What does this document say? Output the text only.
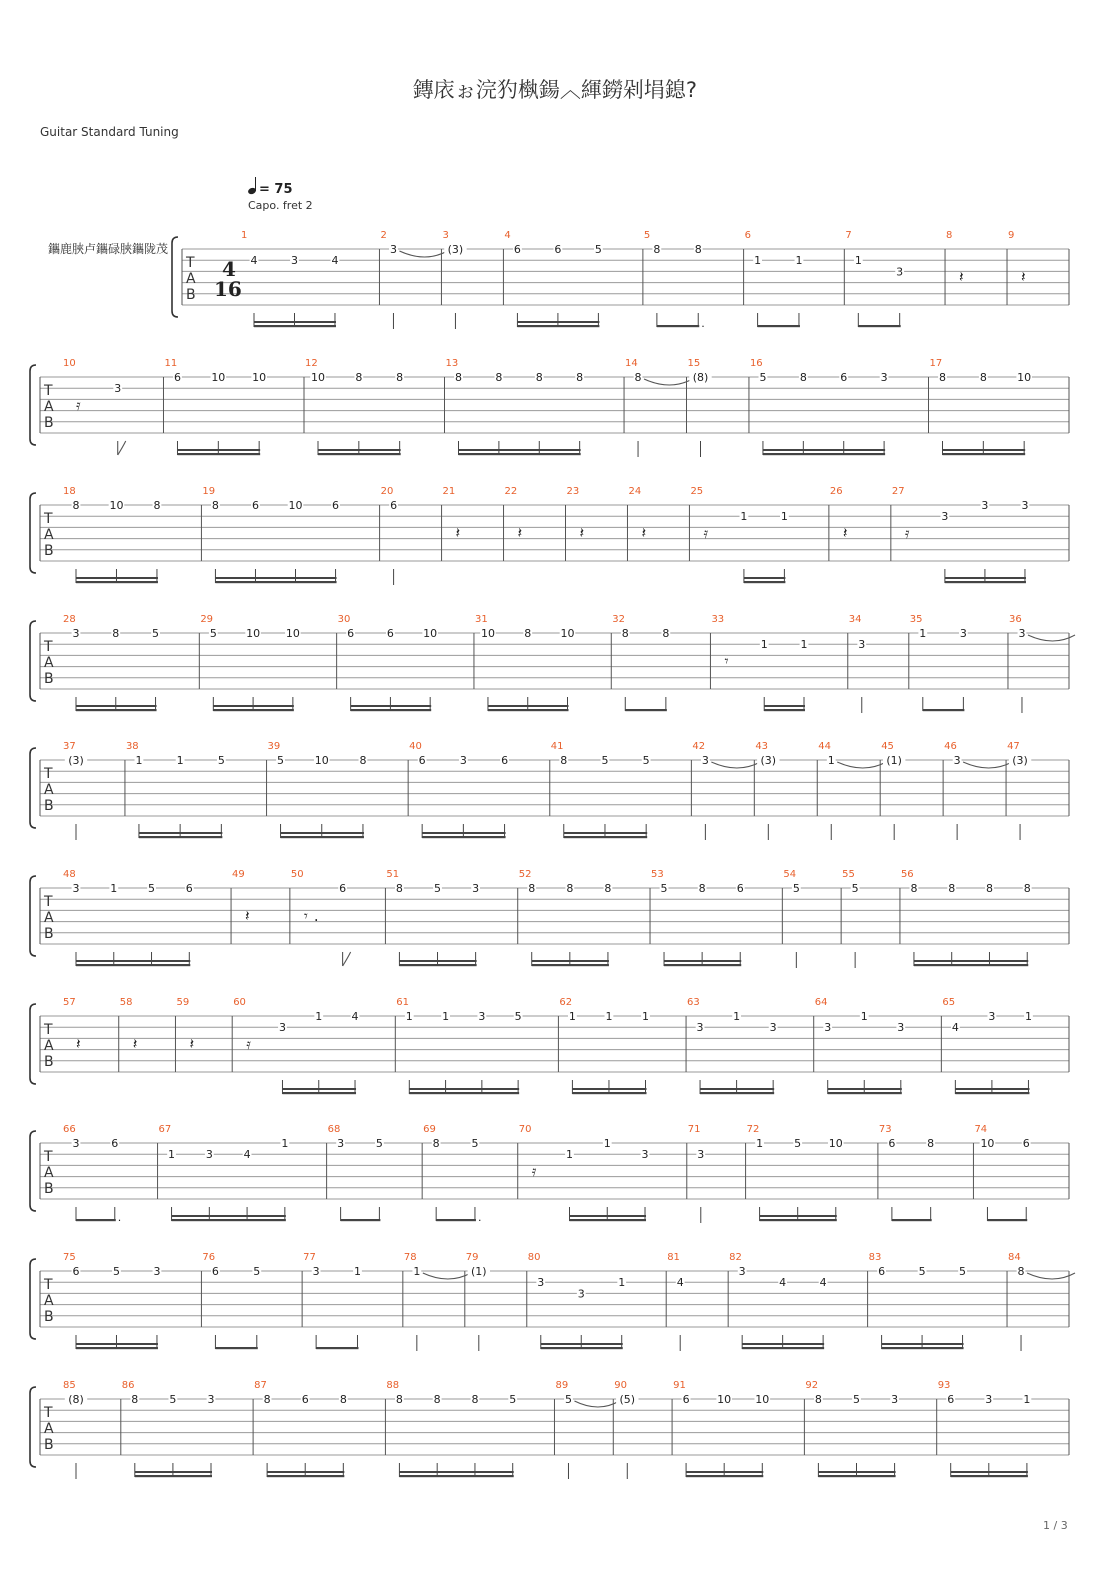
鏄庡ぉ浣犳槸鍚︿緷鐒剁埍鎴?
Guitar Standard Tuning
= 75
Capo. fret 2
鑴鹿脥卢鑴碌脥鑴陇茂
1 / 3
T
A
B
4
16
1
4	3	4
2
3
3
(3)
4
6	6	5
5
8	8
.
6
1	1
7
1
3
8
𝄽
9
𝄽
T
A
B
10
𝄿
3
11
6	10 10
12
10	8	8
13
8	8	8	8
14
8
15
(8)
16
5	8	6	3
17
8	8	10
T
A
B
18
8	10	8
19
8	6	10	6
20
6
21
𝄽
22
𝄽
23
𝄽
24
𝄽
25
𝄿
1	1
26
𝄽
27
𝄿
3
3	3
T
A
B
28
3	8	5
29
5	10 10
30
6	6	10
31
10	8	10
32
8	8
33
𝄾
1	1
34
3
35
1	3
36
3
T
A
B
37
(3)
38
1	1	5
39
5	10	8
40
6	3	6
41
8	5	5
42
3
43
(3)
44
1
45
(1)
46
3
47
(3)
T
A
B
48
3	1	5	6
49
𝄽
50
𝄾 .
6
51
8	5	3
52
8	8	8
53
5	8	6
54
5
55
5
56
8	8	8	8
T
A
B
57
𝄽
58
𝄽
59
𝄽
60
𝄿
3
1	4
61
1	1	3	5
62
1	1	1
63
3
1
3
64
3
1
3
65
4
3	1
T
A
B
66
3	6
.
67
1	3	4
1
68
3	5
69
8	5
.
70
𝄿
1
1
3
71
3
72
1	5	10
73
6	8
74
10	6
T
A
B
75
6	5	3
76
6	5
77
3	1
78
1
79
(1)
80
3
3
1
81
4
82
3
4	4
83
6	5	5
84
8
T
A
B
85
(8)
86
8	5	3
87
8	6	8
88
8	8	8	5
89
5
90
(5)
91
6	10 10
92
8	5	3
93
6	3	1
